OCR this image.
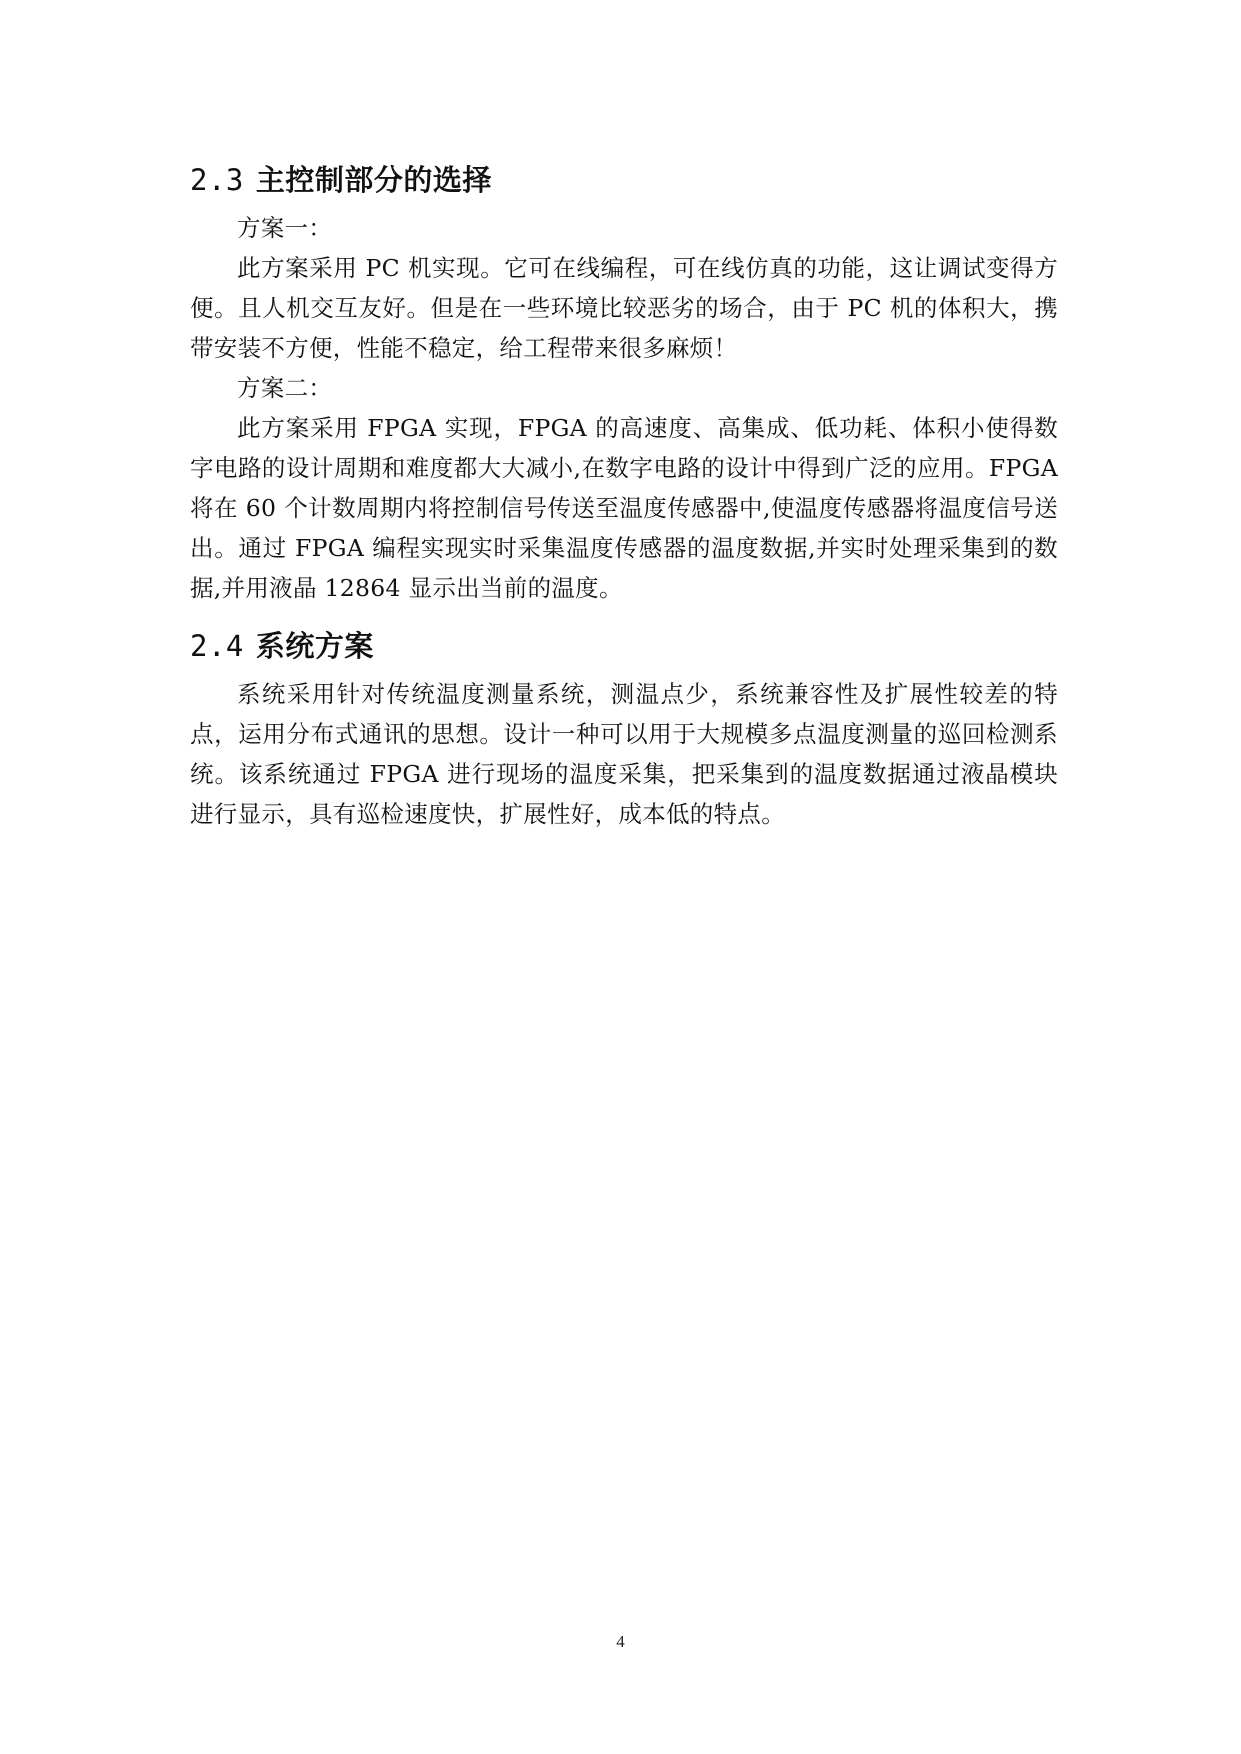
2.3 主控制部分的选择

方案一：

此方案采用 PC 机实现。它可在线编程，可在线仿真的功能，这让调试变得方便。且人机交互友好。但是在一些环境比较恶劣的场合，由于 PC 机的体积大，携带安装不方便，性能不稳定，给工程带来很多麻烦！

方案二：

此方案采用 FPGA 实现，FPGA 的高速度、高集成、低功耗、体积小使得数字电路的设计周期和难度都大大减小,在数字电路的设计中得到广泛的应用。FPGA 将在 60 个计数周期内将控制信号传送至温度传感器中,使温度传感器将温度信号送出。通过 FPGA 编程实现实时采集温度传感器的温度数据,并实时处理采集到的数据,并用液晶 12864 显示出当前的温度。

2.4 系统方案

系统采用针对传统温度测量系统，测温点少，系统兼容性及扩展性较差的特点，运用分布式通讯的思想。设计一种可以用于大规模多点温度测量的巡回检测系统。该系统通过 FPGA 进行现场的温度采集，把采集到的温度数据通过液晶模块进行显示，具有巡检速度快，扩展性好，成本低的特点。

4
